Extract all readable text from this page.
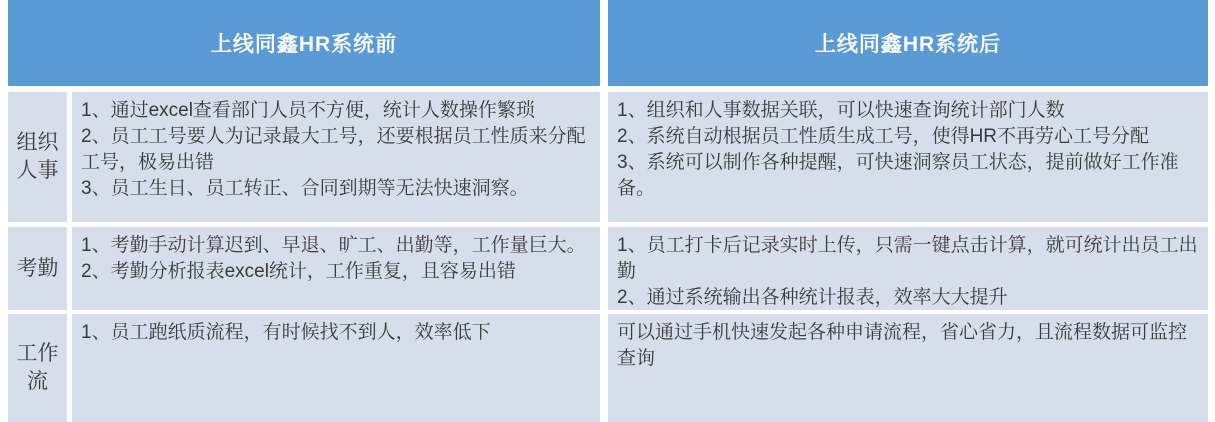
上线同鑫HR系统前	上线同鑫HR系统后
组织人事
1、通过excel查看部门人员不方便，统计人数操作繁琐
2、员工工号要人为记录最大工号，还要根据员工性质来分配工号，极易出错
3、员工生日、员工转正、合同到期等无法快速洞察。
1、组织和人事数据关联，可以快速查询统计部门人数
2、系统自动根据员工性质生成工号，使得HR不再劳心工号分配
3、系统可以制作各种提醒，可快速洞察员工状态，提前做好工作准备。
考勤
1、考勤手动计算迟到、早退、旷工、出勤等，工作量巨大。
2、考勤分析报表excel统计，工作重复，且容易出错
1、员工打卡后记录实时上传，只需一键点击计算，就可统计出员工出勤
2、通过系统输出各种统计报表，效率大大提升
工作流
1、员工跑纸质流程，有时候找不到人，效率低下	可以通过手机快速发起各种申请流程，省心省力，且流程数据可监控查询
